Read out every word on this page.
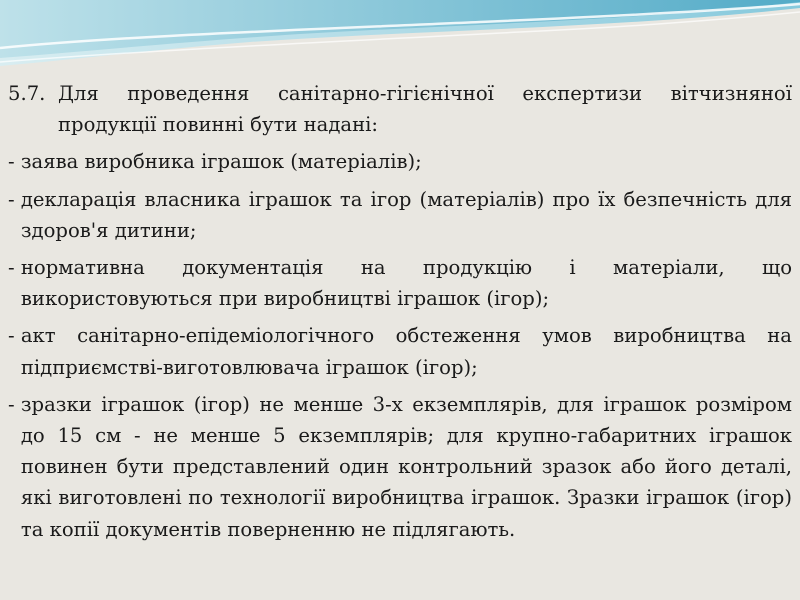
5.7. Для проведення санітарно-гігієнічної експертизи вітчизняної продукції повинні бути надані:
- заява виробника іграшок (матеріалів);
- декларація власника іграшок та ігор (матеріалів) про їх безпечність для здоров'я дитини;
- нормативна документація на продукцію і матеріали, що використовуються при виробництві іграшок (ігор);
- акт санітарно-епідеміологічного обстеження умов виробництва на підприємстві-виготовлювача іграшок (ігор);
- зразки іграшок (ігор) не менше 3-х екземплярів, для іграшок розміром до 15 см - не менше 5 екземплярів; для крупно-габаритних іграшок повинен бути представлений один контрольний зразок або його деталі, які виготовлені по технології виробництва іграшок. Зразки іграшок (ігор) та копії документів поверненню не підлягають.
